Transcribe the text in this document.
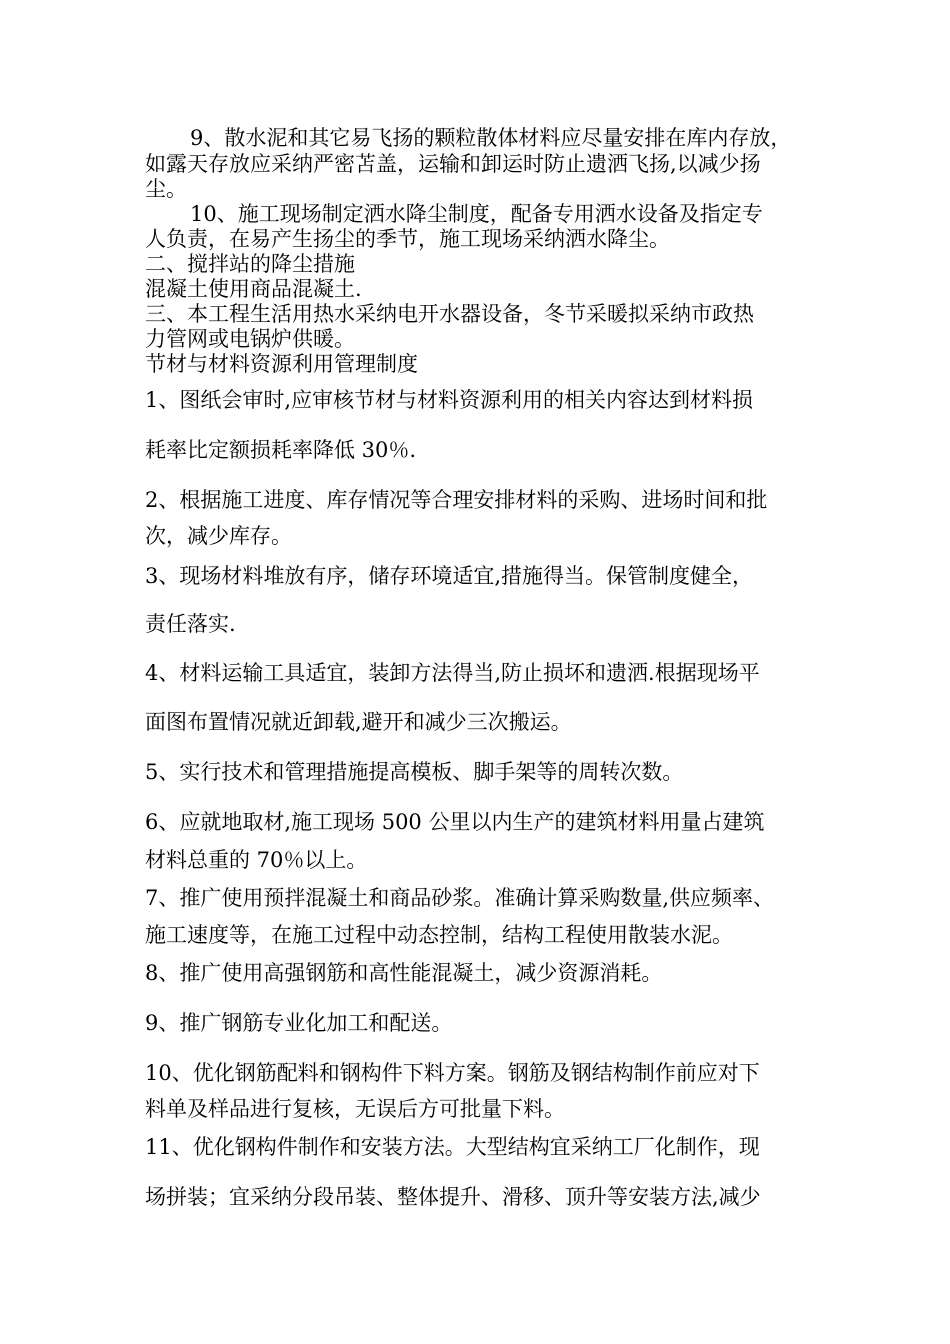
9、散水泥和其它易飞扬的颗粒散体材料应尽量安排在库内存放，
如露天存放应采纳严密苫盖，运输和卸运时防止遗洒飞扬,以减少扬
尘。
10、施工现场制定洒水降尘制度，配备专用洒水设备及指定专
人负责，在易产生扬尘的季节，施工现场采纳洒水降尘。
二、搅拌站的降尘措施
混凝土使用商品混凝土.
三、本工程生活用热水采纳电开水器设备，冬节采暖拟采纳市政热
力管网或电锅炉供暖。
节材与材料资源利用管理制度
1、图纸会审时,应审核节材与材料资源利用的相关内容达到材料损
耗率比定额损耗率降低 30％.
2、根据施工进度、库存情况等合理安排材料的采购、进场时间和批
次，减少库存。
3、现场材料堆放有序，储存环境适宜,措施得当。保管制度健全，
责任落实.
4、材料运输工具适宜，装卸方法得当,防止损坏和遗洒.根据现场平
面图布置情况就近卸载,避开和减少三次搬运。
5、实行技术和管理措施提高模板、脚手架等的周转次数。
6、应就地取材,施工现场 500 公里以内生产的建筑材料用量占建筑
材料总重的 70％以上。
7、推广使用预拌混凝土和商品砂浆。准确计算采购数量,供应频率、
施工速度等，在施工过程中动态控制，结构工程使用散装水泥。
8、推广使用高强钢筋和高性能混凝土，减少资源消耗。
9、推广钢筋专业化加工和配送。
10、优化钢筋配料和钢构件下料方案。钢筋及钢结构制作前应对下
料单及样品进行复核，无误后方可批量下料。
11、优化钢构件制作和安装方法。大型结构宜采纳工厂化制作，现
场拼装；宜采纳分段吊装、整体提升、滑移、顶升等安装方法,减少
